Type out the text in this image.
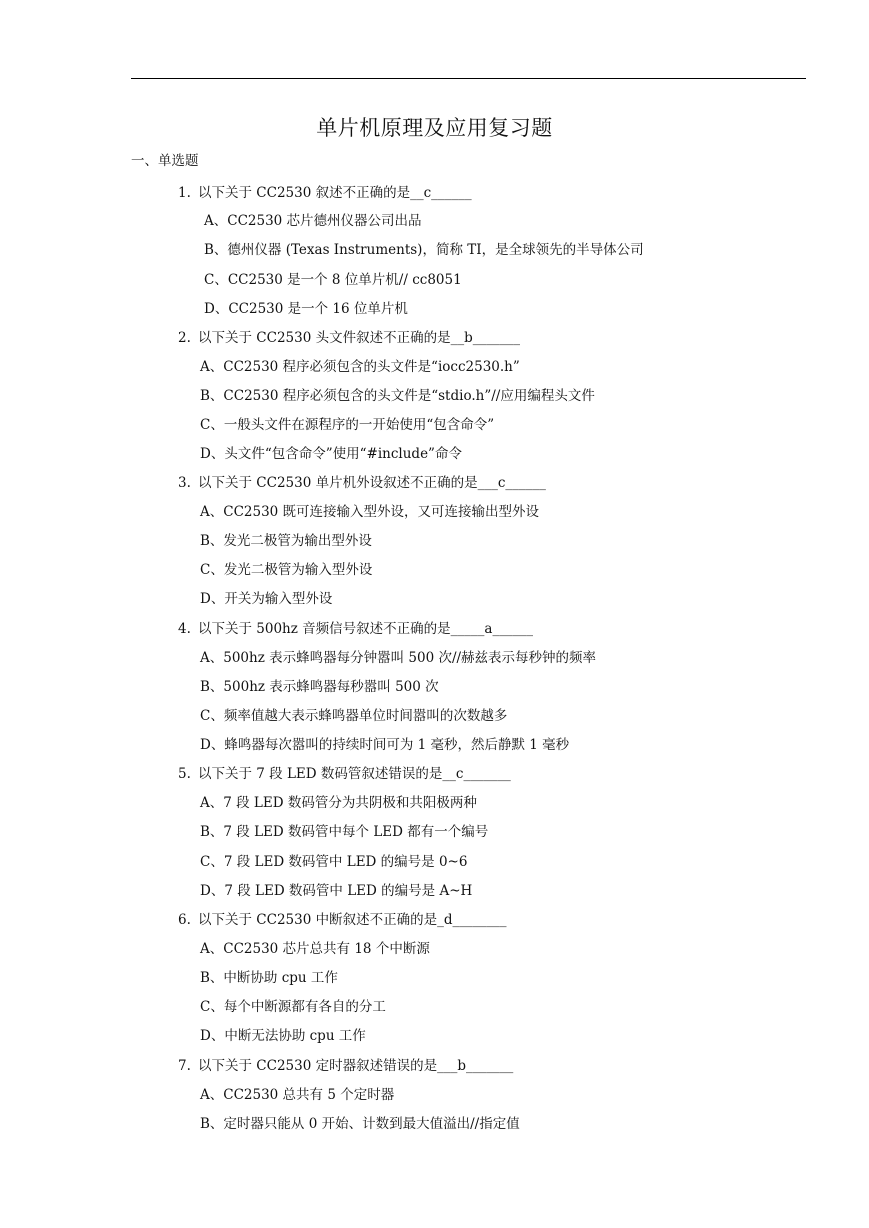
单片机原理及应用复习题
一、单选题
1. 以下关于 CC2530 叙述不正确的是__c______
A、CC2530 芯片德州仪器公司出品
B、德州仪器 (Texas Instruments)，简称 TI，是全球领先的半导体公司
C、CC2530 是一个 8 位单片机// cc8051
D、CC2530 是一个 16 位单片机
2. 以下关于 CC2530 头文件叙述不正确的是__b_______
A、CC2530 程序必须包含的头文件是“iocc2530.h”
B、CC2530 程序必须包含的头文件是“stdio.h”//应用编程头文件
C、一般头文件在源程序的一开始使用“包含命令”
D、头文件“包含命令”使用“#include”命令
3. 以下关于 CC2530 单片机外设叙述不正确的是___c______
A、CC2530 既可连接输入型外设，又可连接输出型外设
B、发光二极管为输出型外设
C、发光二极管为输入型外设
D、开关为输入型外设
4. 以下关于 500hz 音频信号叙述不正确的是_____a______
A、500hz 表示蜂鸣器每分钟嚣叫 500 次//赫兹表示每秒钟的频率
B、500hz 表示蜂鸣器每秒嚣叫 500 次
C、频率值越大表示蜂鸣器单位时间嚣叫的次数越多
D、蜂鸣器每次嚣叫的持续时间可为 1 毫秒，然后静默 1 毫秒
5. 以下关于 7 段 LED 数码管叙述错误的是__c_______
A、7 段 LED 数码管分为共阴极和共阳极两种
B、7 段 LED 数码管中每个 LED 都有一个编号
C、7 段 LED 数码管中 LED 的编号是 0~6
D、7 段 LED 数码管中 LED 的编号是 A~H
6. 以下关于 CC2530 中断叙述不正确的是_d________
A、CC2530 芯片总共有 18 个中断源
B、中断协助 cpu 工作
C、每个中断源都有各自的分工
D、中断无法协助 cpu 工作
7. 以下关于 CC2530 定时器叙述错误的是___b_______
A、CC2530 总共有 5 个定时器
B、定时器只能从 0 开始、计数到最大值溢出//指定值
